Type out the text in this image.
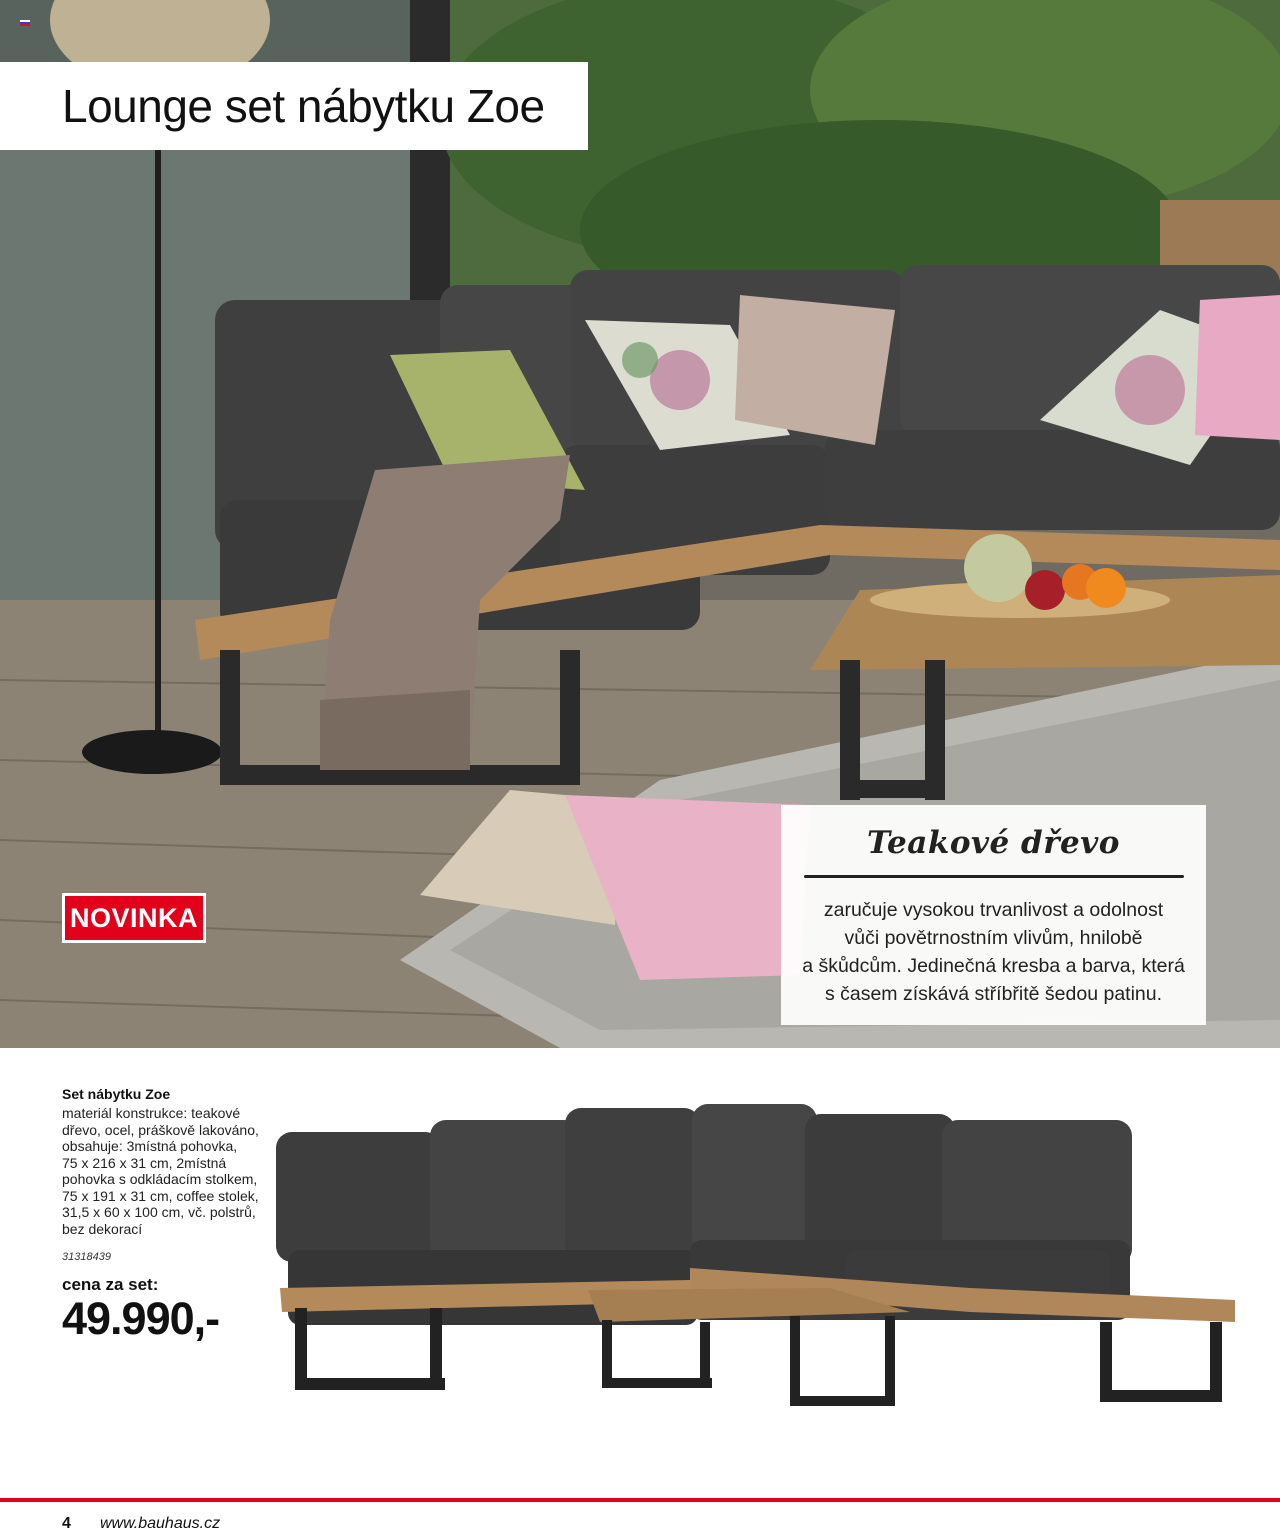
Lounge set nábytku Zoe
NOVINKA
Teakové dřevo
zaručuje vysokou trvanlivost a odolnost
vůči povětrnostním vlivům, hnilobě
a škůdcům. Jedinečná kresba a barva, která
s časem získává stříbřitě šedou patinu.
Set nábytku Zoe
materiál konstrukce: teakové
dřevo, ocel, práškově lakováno,
obsahuje: 3místná pohovka,
75 x 216 x 31 cm, 2místná
pohovka s odkládacím stolkem,
75 x 191 x 31 cm, coffee stolek,
31,5 x 60 x 100 cm, vč. polstrů,
bez dekorací
31318439
cena za set:
49.990,-
4 www.bauhaus.cz
